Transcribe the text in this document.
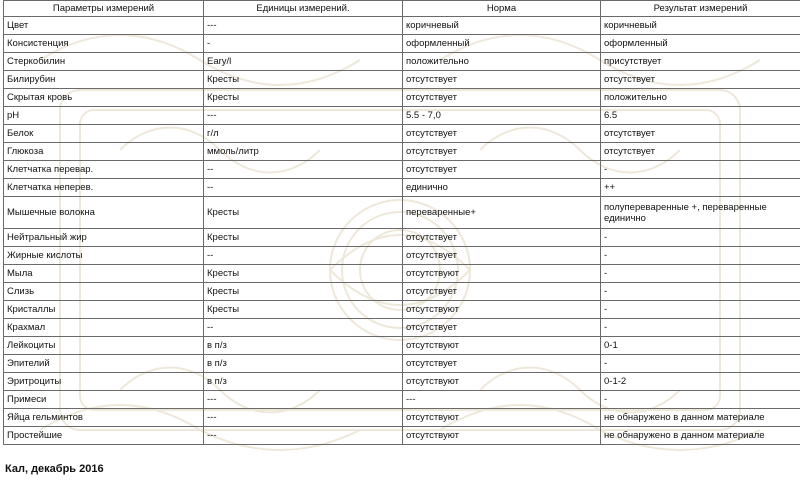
Параметры измерений	Единицы измерений.	Норма	Результат измерений
Цвет	---	коричневый	коричневый
Консистенция	-	оформленный	оформленный
Стеркобилин	Eary/l	положительно	присутствует
Билирубин	Кресты	отсутствует	отсутствует
Скрытая кровь	Кресты	отсутствует	положительно
pH	---	5.5 - 7,0	6.5
Белок	г/л	отсутствует	отсутствует
Глюкоза	ммоль/литр	отсутствует	отсутствует
Клетчатка перевар.	--	отсутствует	-
Клетчатка неперев.	--	единично	++
Мышечные волокна	Кресты	переваренные+	полупереваренные +, переваренные единично
Нейтральный жир	Кресты	отсутствует	-
Жирные кислоты	--	отсутствует	-
Мыла	Кресты	отсутствуют	-
Слизь	Кресты	отсутствует	-
Кристаллы	Кресты	отсутствуют	-
Крахмал	--	отсутствует	-
Лейкоциты	в п/з	отсутствуют	0-1
Эпителий	в п/з	отсутствует	-
Эритроциты	в п/з	отсутствуют	0-1-2
Примеси	---	---	-
Яйца гельминтов	---	отсутствуют	не обнаружено в данном материале
Простейшие	---	отсутствуют	не обнаружено в данном материале
Кал, декабрь 2016
